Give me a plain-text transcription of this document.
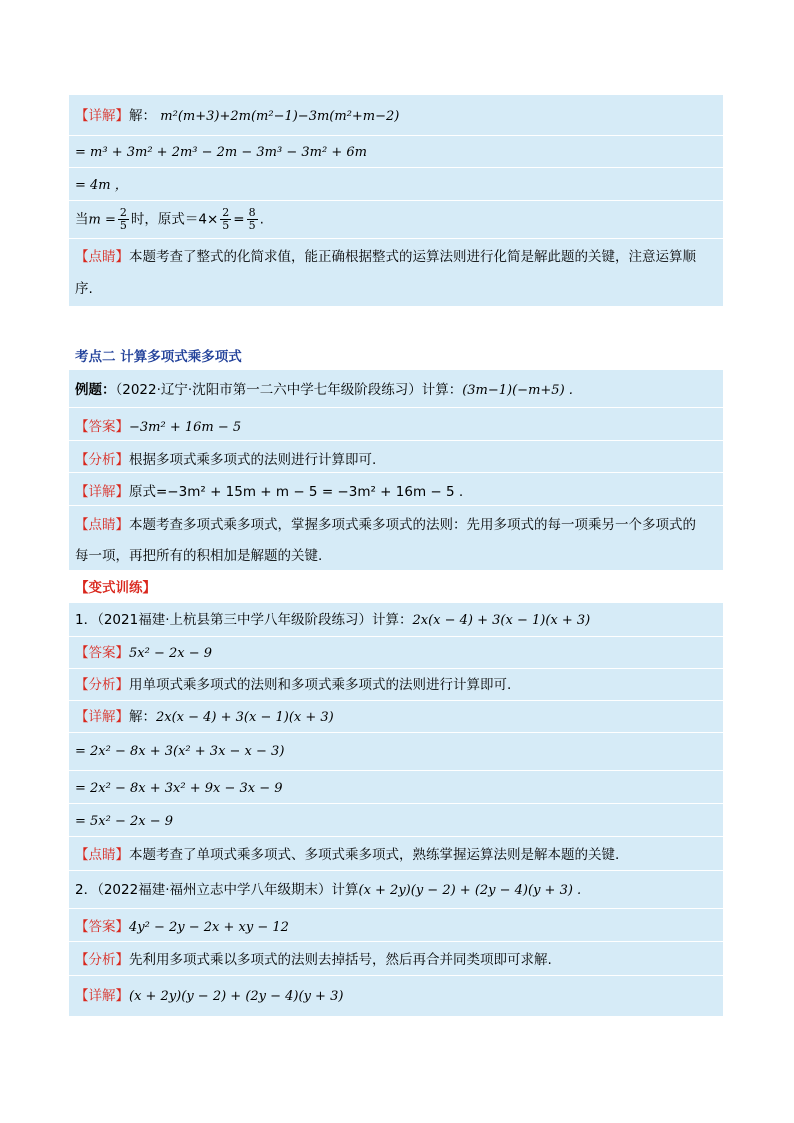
【详解】解： m²(m+3)+2m(m²−1)−3m(m²+m−2)
= m³ + 3m² + 2m³ − 2m − 3m³ − 3m² + 6m
= 4m ，
当$m = \frac{2}{5}$ 时，原式$=4\times \frac{2}{5} = \frac{8}{5}$ .
【点睛】本题考查了整式的化简求值，能正确根据整式的运算法则进行化简是解此题的关键，注意运算顺
序.
考点二 计算多项式乘多项式
例题：（2022·辽宁·沈阳市第一二六中学七年级阶段练习）计算：(3m−1)(−m+5) .
【答案】−3m² + 16m − 5
【分析】根据多项式乘多项式的法则进行计算即可.
【详解】原式=−3m² + 15m + m − 5 = −3m² + 16m − 5 .
【点睛】本题考查多项式乘多项式，掌握多项式乘多项式的法则：先用多项式的每一项乘另一个多项式的
每一项，再把所有的积相加是解题的关键.
【变式训练】
1．（2021福建·上杭县第三中学八年级阶段练习）计算：2x(x − 4) + 3(x − 1)(x + 3)
【答案】5x² − 2x − 9
【分析】用单项式乘多项式的法则和多项式乘多项式的法则进行计算即可.
【详解】解：2x(x − 4) + 3(x − 1)(x + 3)
= 2x² − 8x + 3(x² + 3x − x − 3)
= 2x² − 8x + 3x² + 9x − 3x − 9
= 5x² − 2x − 9
【点睛】本题考查了单项式乘多项式、多项式乘多项式，熟练掌握运算法则是解本题的关键.
2．（2022福建·福州立志中学八年级期末）计算(x + 2y)(y − 2) + (2y − 4)(y + 3) .
【答案】4y² − 2y − 2x + xy − 12
【分析】先利用多项式乘以多项式的法则去掉括号，然后再合并同类项即可求解.
【详解】(x + 2y)(y − 2) + (2y − 4)(y + 3)
